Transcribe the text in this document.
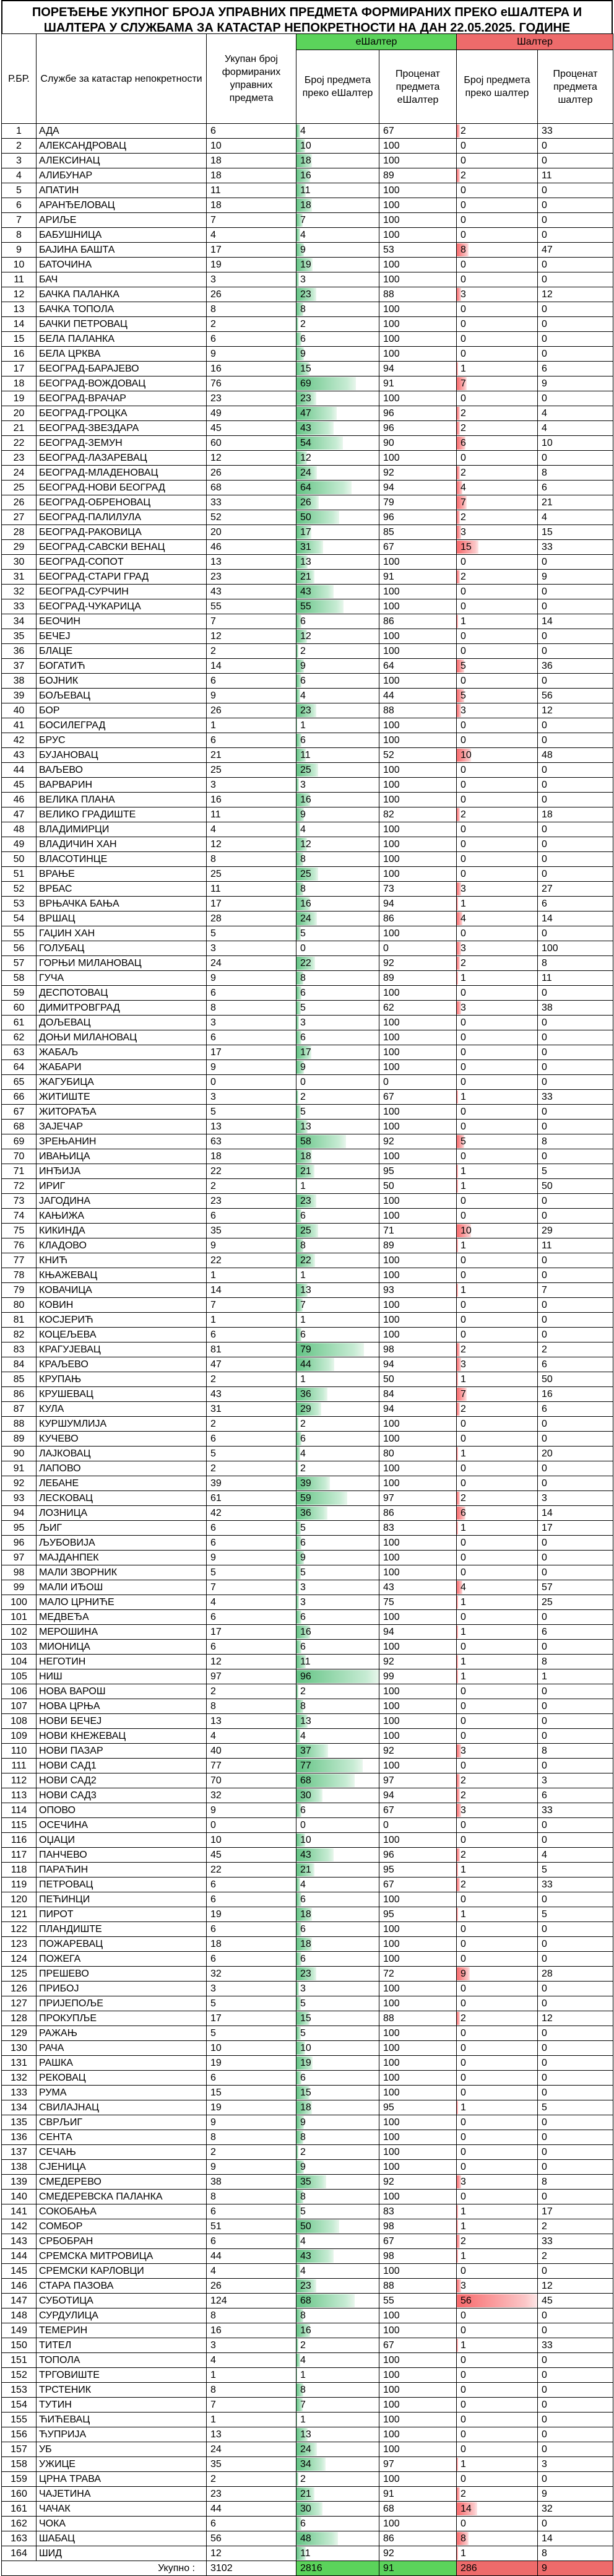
ПОРЕЂЕЊЕ УКУПНОГ БРОЈА УПРАВНИХ ПРЕДМЕТА ФОРМИРАНИХ ПРЕКО еШАЛТЕРА И ШАЛТЕРА У СЛУЖБАМА ЗА КАТАСТАР НЕПОКРЕТНОСТИ НА ДАН 22.05.2025. ГОДИНЕ
Р.БР.	Службе за катастар непокретности	Укупан број формираних управних предмета	еШалтер		Шалтер	
			Број предмета преко еШалтер	Проценат предмета еШалтер	Број предмета преко шалтер	Проценат предмета шалтер
1	АДА	6	4	67	2	33
2	АЛЕКСАНДРОВАЦ	10	10	100	0	0
3	АЛЕКСИНАЦ	18	18	100	0	0
4	АЛИБУНАР	18	16	89	2	11
5	АПАТИН	11	11	100	0	0
6	АРАНЂЕЛОВАЦ	18	18	100	0	0
7	АРИЉЕ	7	7	100	0	0
8	БАБУШНИЦА	4	4	100	0	0
9	БАЈИНА БАШТА	17	9	53	8	47
10	БАТОЧИНА	19	19	100	0	0
11	БАЧ	3	3	100	0	0
12	БАЧКА ПАЛАНКА	26	23	88	3	12
13	БАЧКА ТОПОЛА	8	8	100	0	0
14	БАЧКИ ПЕТРОВАЦ	2	2	100	0	0
15	БЕЛА ПАЛАНКА	6	6	100	0	0
16	БЕЛА ЦРКВА	9	9	100	0	0
17	БЕОГРАД-БАРАЈЕВО	16	15	94	1	6
18	БЕОГРАД-ВОЖДОВАЦ	76	69	91	7	9
19	БЕОГРАД-ВРАЧАР	23	23	100	0	0
20	БЕОГРАД-ГРОЦКА	49	47	96	2	4
21	БЕОГРАД-ЗВЕЗДАРА	45	43	96	2	4
22	БЕОГРАД-ЗЕМУН	60	54	90	6	10
23	БЕОГРАД-ЛАЗАРЕВАЦ	12	12	100	0	0
24	БЕОГРАД-МЛАДЕНОВАЦ	26	24	92	2	8
25	БЕОГРАД-НОВИ БЕОГРАД	68	64	94	4	6
26	БЕОГРАД-ОБРЕНОВАЦ	33	26	79	7	21
27	БЕОГРАД-ПАЛИЛУЛА	52	50	96	2	4
28	БЕОГРАД-РАКОВИЦА	20	17	85	3	15
29	БЕОГРАД-САВСКИ ВЕНАЦ	46	31	67	15	33
30	БЕОГРАД-СОПОТ	13	13	100	0	0
31	БЕОГРАД-СТАРИ ГРАД	23	21	91	2	9
32	БЕОГРАД-СУРЧИН	43	43	100	0	0
33	БЕОГРАД-ЧУКАРИЦА	55	55	100	0	0
34	БЕОЧИН	7	6	86	1	14
35	БЕЧЕЈ	12	12	100	0	0
36	БЛАЦЕ	2	2	100	0	0
37	БОГАТИЋ	14	9	64	5	36
38	БОЈНИК	6	6	100	0	0
39	БОЉЕВАЦ	9	4	44	5	56
40	БОР	26	23	88	3	12
41	БОСИЛЕГРАД	1	1	100	0	0
42	БРУС	6	6	100	0	0
43	БУЈАНОВАЦ	21	11	52	10	48
44	ВАЉЕВО	25	25	100	0	0
45	ВАРВАРИН	3	3	100	0	0
46	ВЕЛИКА ПЛАНА	16	16	100	0	0
47	ВЕЛИКО ГРАДИШТЕ	11	9	82	2	18
48	ВЛАДИМИРЦИ	4	4	100	0	0
49	ВЛАДИЧИН ХАН	12	12	100	0	0
50	ВЛАСОТИНЦЕ	8	8	100	0	0
51	ВРАЊЕ	25	25	100	0	0
52	ВРБАС	11	8	73	3	27
53	ВРЊАЧКА БАЊА	17	16	94	1	6
54	ВРШАЦ	28	24	86	4	14
55	ГАЏИН ХАН	5	5	100	0	0
56	ГОЛУБАЦ	3	0	0	3	100
57	ГОРЊИ МИЛАНОВАЦ	24	22	92	2	8
58	ГУЧА	9	8	89	1	11
59	ДЕСПОТОВАЦ	6	6	100	0	0
60	ДИМИТРОВГРАД	8	5	62	3	38
61	ДОЉЕВАЦ	3	3	100	0	0
62	ДОЊИ МИЛАНОВАЦ	6	6	100	0	0
63	ЖАБАЉ	17	17	100	0	0
64	ЖАБАРИ	9	9	100	0	0
65	ЖАГУБИЦА	0	0	0	0	0
66	ЖИТИШТЕ	3	2	67	1	33
67	ЖИТОРАЂА	5	5	100	0	0
68	ЗАЈЕЧАР	13	13	100	0	0
69	ЗРЕЊАНИН	63	58	92	5	8
70	ИВАЊИЦА	18	18	100	0	0
71	ИНЂИЈА	22	21	95	1	5
72	ИРИГ	2	1	50	1	50
73	ЈАГОДИНА	23	23	100	0	0
74	КАЊИЖА	6	6	100	0	0
75	КИКИНДА	35	25	71	10	29
76	КЛАДОВО	9	8	89	1	11
77	КНИЋ	22	22	100	0	0
78	КЊАЖЕВАЦ	1	1	100	0	0
79	КОВАЧИЦА	14	13	93	1	7
80	КОВИН	7	7	100	0	0
81	КОСЈЕРИЋ	1	1	100	0	0
82	КОЦЕЉЕВА	6	6	100	0	0
83	КРАГУЈЕВАЦ	81	79	98	2	2
84	КРАЉЕВО	47	44	94	3	6
85	КРУПАЊ	2	1	50	1	50
86	КРУШЕВАЦ	43	36	84	7	16
87	КУЛА	31	29	94	2	6
88	КУРШУМЛИЈА	2	2	100	0	0
89	КУЧЕВО	6	6	100	0	0
90	ЛАЈКОВАЦ	5	4	80	1	20
91	ЛАПОВО	2	2	100	0	0
92	ЛЕБАНЕ	39	39	100	0	0
93	ЛЕСКОВАЦ	61	59	97	2	3
94	ЛОЗНИЦА	42	36	86	6	14
95	ЉИГ	6	5	83	1	17
96	ЉУБОВИЈА	6	6	100	0	0
97	МАЈДАНПЕК	9	9	100	0	0
98	МАЛИ ЗВОРНИК	5	5	100	0	0
99	МАЛИ ИЂОШ	7	3	43	4	57
100	МАЛО ЦРНИЋЕ	4	3	75	1	25
101	МЕДВЕЂА	6	6	100	0	0
102	МЕРОШИНА	17	16	94	1	6
103	МИОНИЦА	6	6	100	0	0
104	НЕГОТИН	12	11	92	1	8
105	НИШ	97	96	99	1	1
106	НОВА ВАРОШ	2	2	100	0	0
107	НОВА ЦРЊА	8	8	100	0	0
108	НОВИ БЕЧЕЈ	13	13	100	0	0
109	НОВИ КНЕЖЕВАЦ	4	4	100	0	0
110	НОВИ ПАЗАР	40	37	92	3	8
111	НОВИ САД1	77	77	100	0	0
112	НОВИ САД2	70	68	97	2	3
113	НОВИ САД3	32	30	94	2	6
114	ОПОВО	9	6	67	3	33
115	ОСЕЧИНА	0	0	0	0	0
116	ОЏАЦИ	10	10	100	0	0
117	ПАНЧЕВО	45	43	96	2	4
118	ПАРАЋИН	22	21	95	1	5
119	ПЕТРОВАЦ	6	4	67	2	33
120	ПЕЋИНЦИ	6	6	100	0	0
121	ПИРОТ	19	18	95	1	5
122	ПЛАНДИШТЕ	6	6	100	0	0
123	ПОЖАРЕВАЦ	18	18	100	0	0
124	ПОЖЕГА	6	6	100	0	0
125	ПРЕШЕВО	32	23	72	9	28
126	ПРИБОЈ	3	3	100	0	0
127	ПРИЈЕПОЉЕ	5	5	100	0	0
128	ПРОКУПЉЕ	17	15	88	2	12
129	РАЖАЊ	5	5	100	0	0
130	РАЧА	10	10	100	0	0
131	РАШКА	19	19	100	0	0
132	РЕКОВАЦ	6	6	100	0	0
133	РУМА	15	15	100	0	0
134	СВИЛАЈНАЦ	19	18	95	1	5
135	СВРЉИГ	9	9	100	0	0
136	СЕНТА	8	8	100	0	0
137	СЕЧАЊ	2	2	100	0	0
138	СЈЕНИЦА	9	9	100	0	0
139	СМЕДЕРЕВО	38	35	92	3	8
140	СМЕДЕРЕВСКА ПАЛАНКА	8	8	100	0	0
141	СОКОБАЊА	6	5	83	1	17
142	СОМБОР	51	50	98	1	2
143	СРБОБРАН	6	4	67	2	33
144	СРЕМСКА МИТРОВИЦА	44	43	98	1	2
145	СРЕМСКИ КАРЛОВЦИ	4	4	100	0	0
146	СТАРА ПАЗОВА	26	23	88	3	12
147	СУБОТИЦА	124	68	55	56	45
148	СУРДУЛИЦА	8	8	100	0	0
149	ТЕМЕРИН	16	16	100	0	0
150	ТИТЕЛ	3	2	67	1	33
151	ТОПОЛА	4	4	100	0	0
152	ТРГОВИШТЕ	1	1	100	0	0
153	ТРСТЕНИК	8	8	100	0	0
154	ТУТИН	7	7	100	0	0
155	ЋИЋЕВАЦ	1	1	100	0	0
156	ЋУПРИЈА	13	13	100	0	0
157	УБ	24	24	100	0	0
158	УЖИЦЕ	35	34	97	1	3
159	ЦРНА ТРАВА	2	2	100	0	0
160	ЧАЈЕТИНА	23	21	91	2	9
161	ЧАЧАК	44	30	68	14	32
162	ЧОКА	6	6	100	0	0
163	ШАБАЦ	56	48	86	8	14
164	ШИД	12	11	92	1	8
Укупно :		3102	2816	91	286	9
